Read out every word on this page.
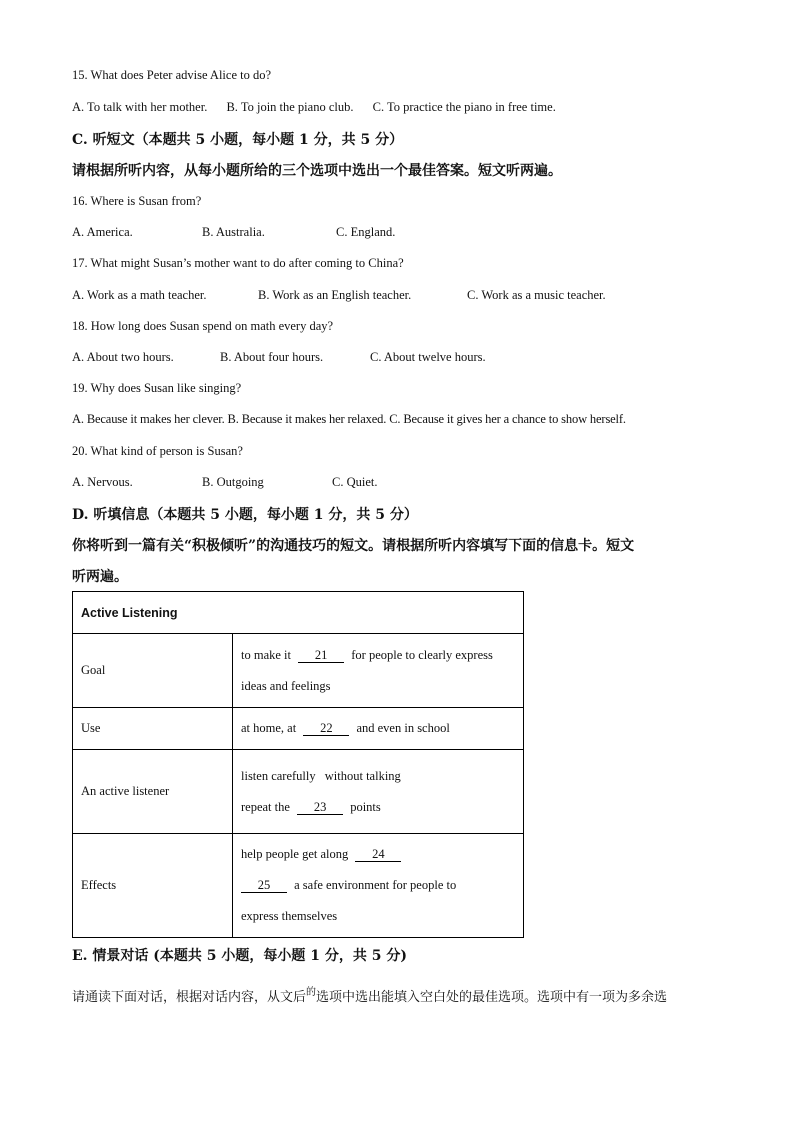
15. What does Peter advise Alice to do?
A. To talk with her mother. B. To join the piano club. C. To practice the piano in free time.
C. 听短文（本题共 5 小题，每小题 1 分，共 5 分）
请根据所听内容，从每小题所给的三个选项中选出一个最佳答案。短文听两遍。
16. Where is Susan from?
A. America.	B. Australia.	C. England.
17. What might Susan’s mother want to do after coming to China?
A. Work as a math teacher.	B. Work as an English teacher.	C. Work as a music teacher.
18. How long does Susan spend on math every day?
A. About two hours.	B. About four hours.	C. About twelve hours.
19. Why does Susan like singing?
A. Because it makes her clever. B. Because it makes her relaxed. C. Because it gives her a chance to show herself.
20. What kind of person is Susan?
A. Nervous.	B. Outgoing	C. Quiet.
D. 听填信息（本题共 5 小题，每小题 1 分，共 5 分）
你将听到一篇有关“积极倾听”的沟通技巧的短文。请根据所听内容填写下面的信息卡。短文
听两遍。
Active Listening	
Goal	to make it 21 for people to clearly express
ideas and feelings

Use	at home, at 22 and even in school
An active listener	listen carefully without talking
repeat the 23 points

Effects	help people get along 24
25 a safe environment for people to
express themselves
E. 情景对话 (本题共 5 小题，每小题 1 分，共 5 分)
请通读下面对话，根据对话内容，从文后$^的$选项中选出能填入空白处的最佳选项。选项中有一项为多余选
